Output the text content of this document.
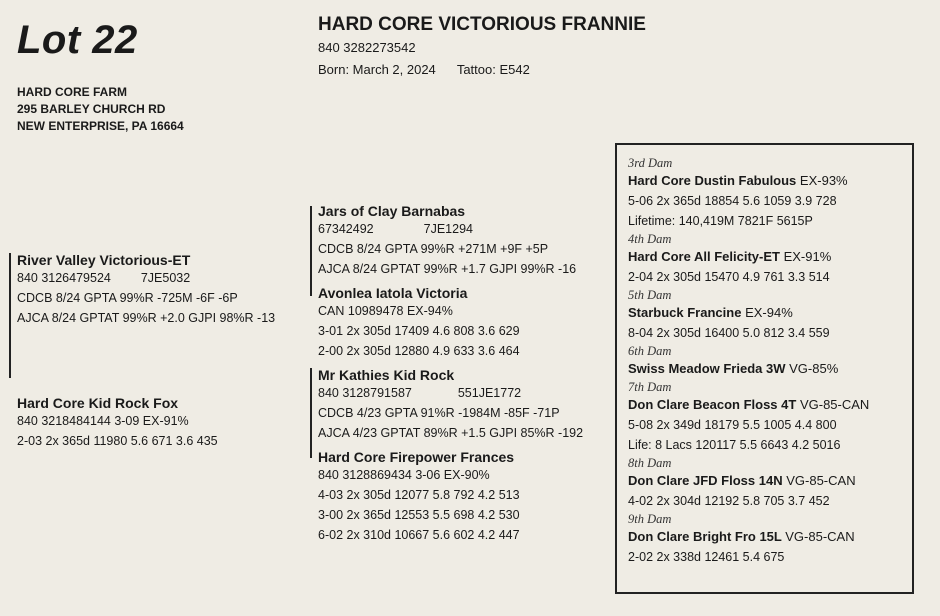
Lot 22
HARD CORE FARM
295 BARLEY CHURCH RD
NEW ENTERPRISE, PA 16664
HARD CORE VICTORIOUS FRANNIE
840 3282273542
Born: March 2, 2024 Tattoo: E542
River Valley Victorious-ET
840 3126479524 7JE5032
CDCB 8/24 GPTA 99%R -725M -6F -6P
AJCA 8/24 GPTAT 99%R +2.0 GJPI 98%R -13
Hard Core Kid Rock Fox
840 3218484144 3-09 EX-91%
2-03 2x 365d 11980 5.6 671 3.6 435
Jars of Clay Barnabas
67342492	7JE1294
CDCB 8/24 GPTA 99%R +271M +9F +5P
AJCA 8/24 GPTAT 99%R +1.7 GJPI 99%R -16
Avonlea Iatola Victoria
CAN 10989478 EX-94%
3-01 2x 305d 17409 4.6 808 3.6 629
2-00 2x 305d 12880 4.9 633 3.6 464
Mr Kathies Kid Rock
840 3128791587	551JE1772
CDCB 4/23 GPTA 91%R -1984M -85F -71P
AJCA 4/23 GPTAT 89%R +1.5 GJPI 85%R -192
Hard Core Firepower Frances
840 3128869434 3-06 EX-90%
4-03 2x 305d 12077 5.8 792 4.2 513
3-00 2x 365d 12553 5.5 698 4.2 530
6-02 2x 310d 10667 5.6 602 4.2 447
3rd Dam
Hard Core Dustin Fabulous EX-93%
5-06 2x 365d 18854 5.6 1059 3.9 728
Lifetime: 140,419M 7821F 5615P
4th Dam
Hard Core All Felicity-ET EX-91%
2-04 2x 305d 15470 4.9 761 3.3 514
5th Dam
Starbuck Francine EX-94%
8-04 2x 305d 16400 5.0 812 3.4 559
6th Dam
Swiss Meadow Frieda 3W VG-85%
7th Dam
Don Clare Beacon Floss 4T VG-85-CAN
5-08 2x 349d 18179 5.5 1005 4.4 800
Life: 8 Lacs 120117 5.5 6643 4.2 5016
8th Dam
Don Clare JFD Floss 14N VG-85-CAN
4-02 2x 304d 12192 5.8 705 3.7 452
9th Dam
Don Clare Bright Fro 15L VG-85-CAN
2-02 2x 338d 12461 5.4 675
